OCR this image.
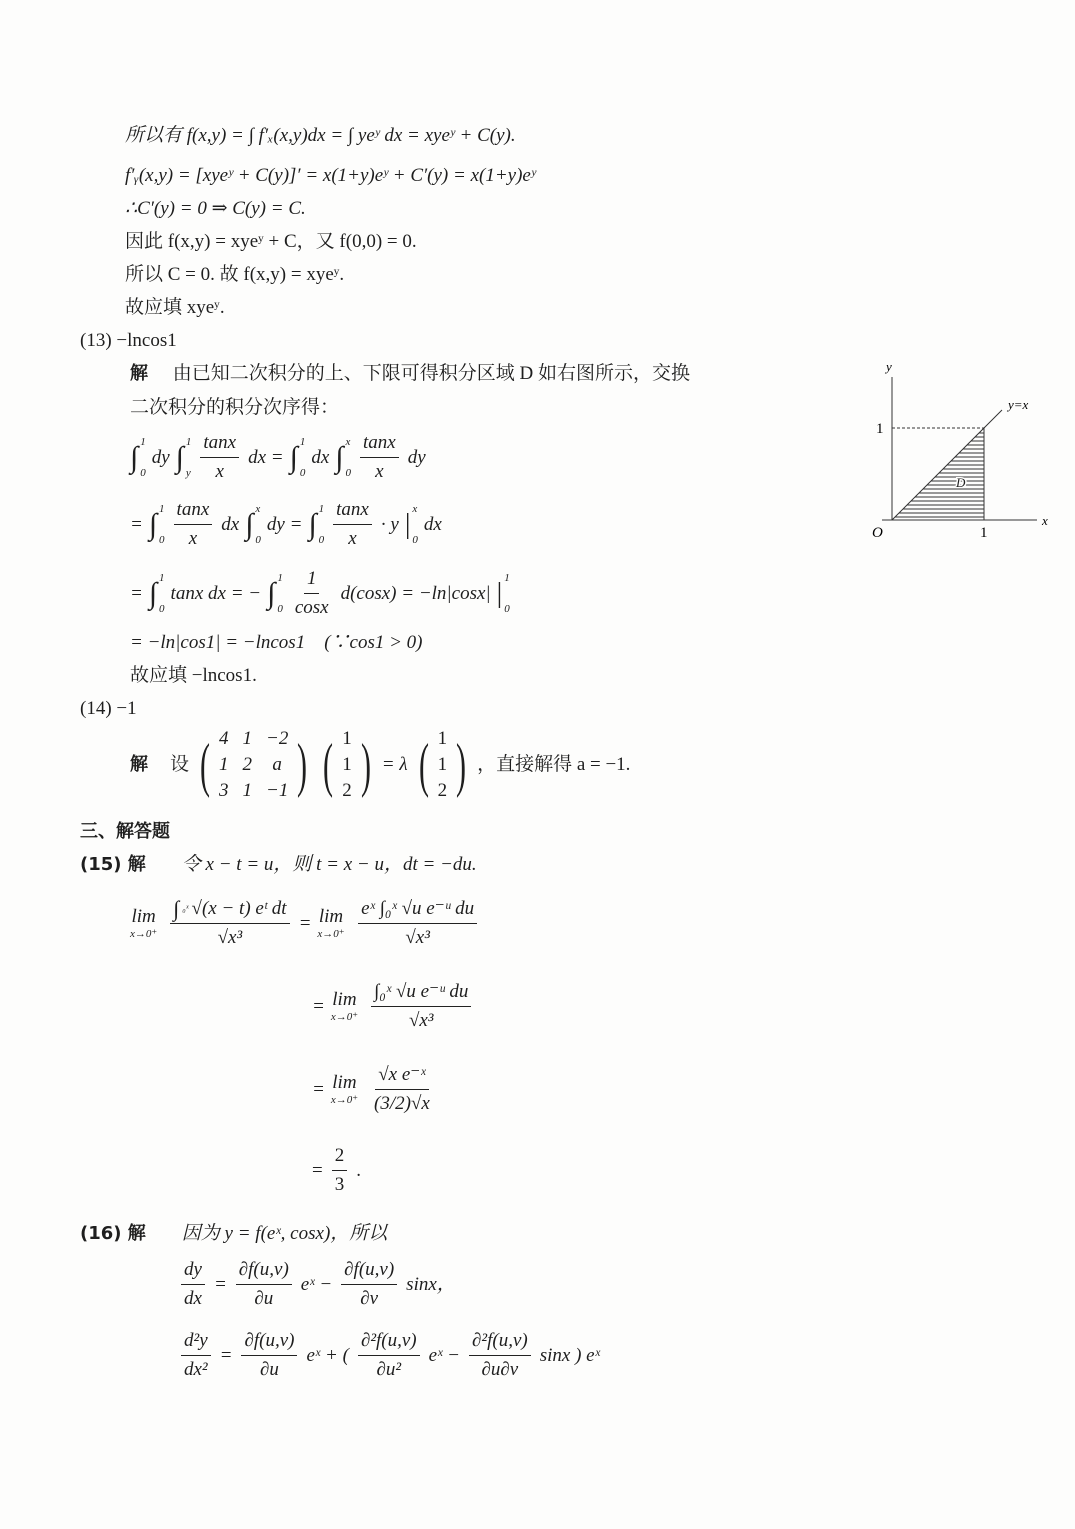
所以有 f(x,y) = ∫ f′ₓ(x,y)dx = ∫ yeʸ dx = xyeʸ + C(y).
f′ᵧ(x,y) = [xyeʸ + C(y)]′ = x(1+y)eʸ + C′(y) = x(1+y)eʸ
∴C′(y) = 0 ⇒ C(y) = C.
因此 f(x,y) = xyeʸ + C，又 f(0,0) = 0.
所以 C = 0. 故 f(x,y) = xyeʸ.
故应填 xyeʸ.
(13) −lncos1
解 由已知二次积分的上、下限可得积分区域 D 如右图所示，交换
二次积分的积分次序得：
∫ 1
0
dy ∫ 1
y $\frac{\tan x}{x}$ dx = ∫ 1
0
dx ∫ x
$0 \frac{\tan x}{x}$ dy
= ∫ 1
$0 \frac{\tan x}{x}$ dx ∫ x
0
dy = ∫ 1
$0 \frac{\tan x}{x} \cdot y$ | x
0
dx
= ∫ 1
0
tanx dx = − ∫ 1
$0 \frac{1}{\cos x} d(\cos x) = -\ln|\cos x|$ | 1
0
= −ln|cos1| = −lncos1　(∵cos1 > 0)
故应填 −lncos1.
y
x
O
1
1
y=x
D
(14) −1
解 设 ( 4 1 −2
1 2	a
3 1 −1 ) ( 1
1
2 ) = λ ( 1
1
2 ) ，直接解得 a = −1.
三、解答题
(15) 解 令 x − t = u，则 t = x − u，dt = −du.
lim
$x\to 0^+ \frac{\text{∫ ₀ˣ √(x − t) eᵗ dt}}{\text{√x³}} = \lim$
$x\to 0^+ \frac{\text{eˣ ∫₀ˣ √u e⁻ᵘ du}}{\text{√x³}}$
= lim
$x\to 0^+ \frac{\text{∫₀ˣ √u e⁻ᵘ du}}{\text{√x³}}$
= lim
$x\to 0^+ \frac{\text{√x e⁻ˣ}}{(3/2)√x}$
= $\frac{2}{3}$ .
(16) 解 因为 y = f(eˣ, cosx)，所以
$\frac{dy}{dx} = \frac{\partial f(u,v)}{\partial u}$ eˣ − $\frac{\partial f(u,v)}{\partial v}$ sinx，
$\frac{\text{d²y}}{\text{dx²}} = \frac{\partial f(u,v)}{\partial u}$ eˣ + ( $\frac{\text{∂²f(u,v)}}{\text{∂u²}}$ eˣ − $\frac{\text{∂²f(u,v)}}{\partial u\partial v}$ sinx ) eˣ
